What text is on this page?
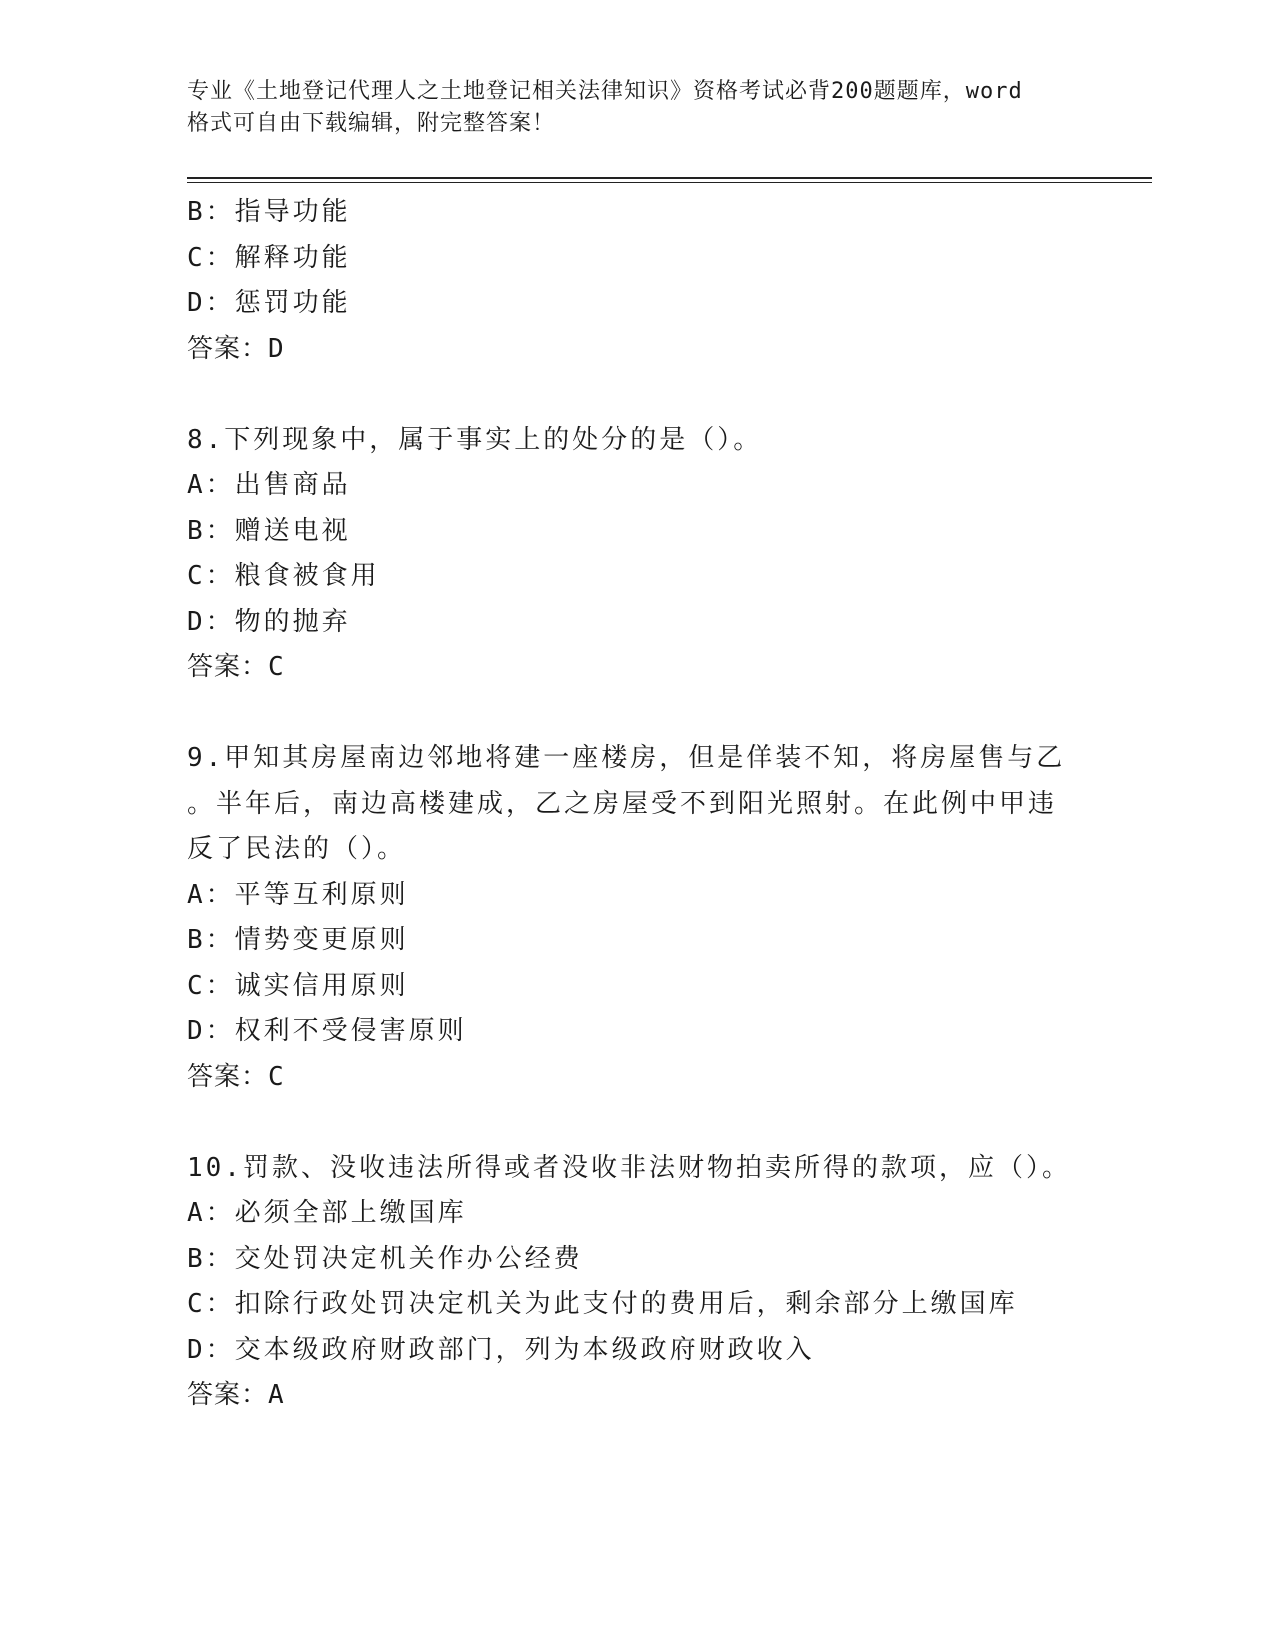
专业《土地登记代理人之土地登记相关法律知识》资格考试必背200题题库，word
格式可自由下载编辑，附完整答案！
B：指导功能
C：解释功能
D：惩罚功能
答案：D
8.下列现象中，属于事实上的处分的是（）。
A：出售商品
B：赠送电视
C：粮食被食用
D：物的抛弃
答案：C
9.甲知其房屋南边邻地将建一座楼房，但是佯装不知，将房屋售与乙
。半年后，南边高楼建成，乙之房屋受不到阳光照射。在此例中甲违
反了民法的（）。
A：平等互利原则
B：情势变更原则
C：诚实信用原则
D：权利不受侵害原则
答案：C
10.罚款、没收违法所得或者没收非法财物拍卖所得的款项，应（）。
A：必须全部上缴国库
B：交处罚决定机关作办公经费
C：扣除行政处罚决定机关为此支付的费用后，剩余部分上缴国库
D：交本级政府财政部门，列为本级政府财政收入
答案：A
